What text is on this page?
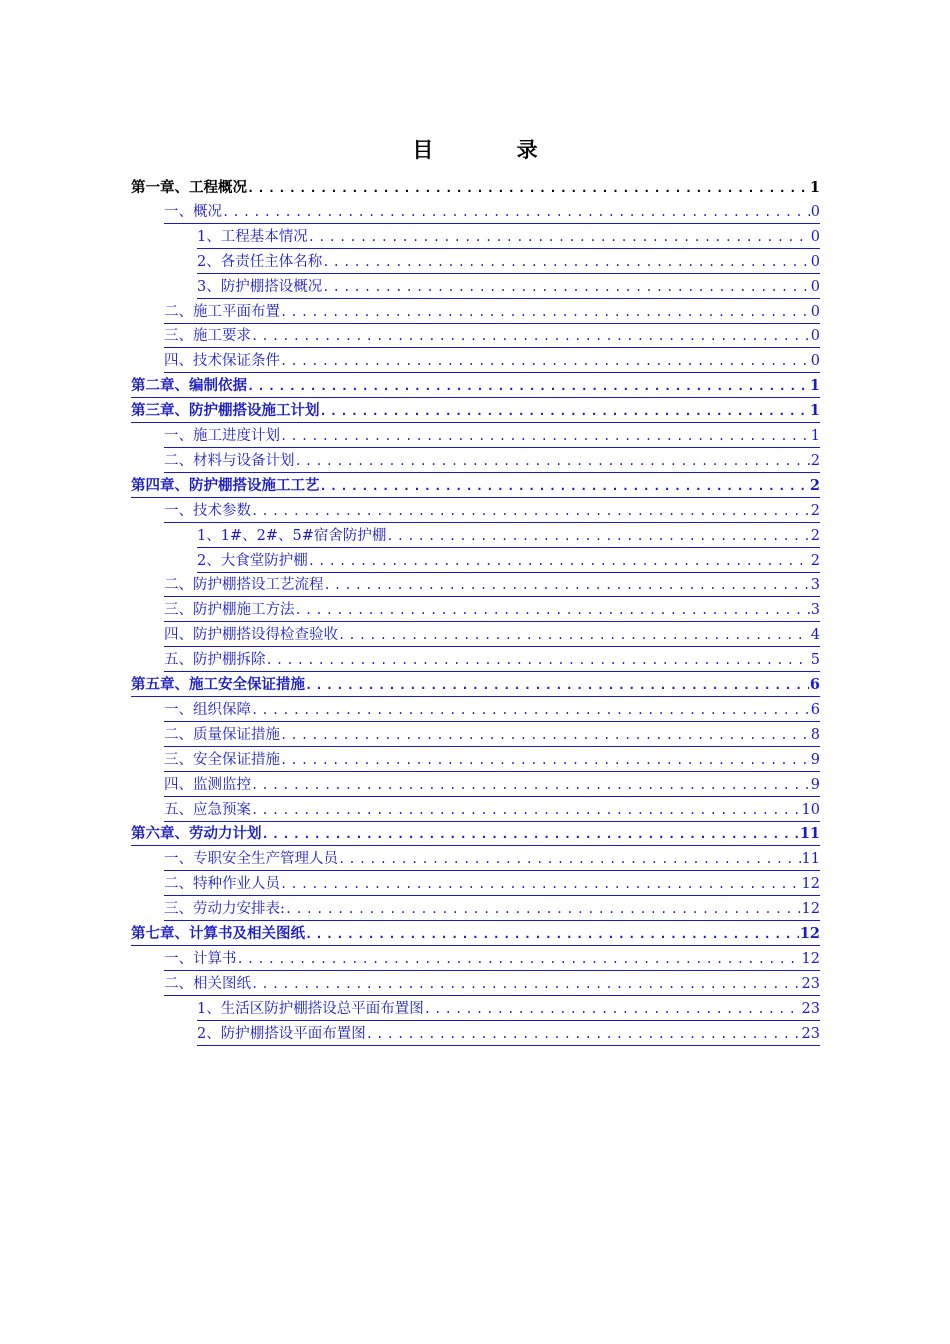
目 录
第一章、工程概况 .....	1
一、概况 .....	0
1、工程基本情况 .....	0
2、各责任主体名称 .....	0
3、防护棚搭设概况 .....	0
二、施工平面布置 .....	0
三、施工要求 .....	0
四、技术保证条件 .....	0
第二章、编制依据 .....	1
第三章、防护棚搭设施工计划 .....	1
一、施工进度计划 .....	1
二、材料与设备计划 .....	2
第四章、防护棚搭设施工工艺 .....	2
一、技术参数 .....	2
1、1#、2#、5#宿舍防护棚 .....	2
2、大食堂防护棚 .....	2
二、防护棚搭设工艺流程 .....	3
三、防护棚施工方法 .....	3
四、防护棚搭设得检查验收 .....	4
五、防护棚拆除 .....	5
第五章、施工安全保证措施 .....	6
一、组织保障 .....	6
二、质量保证措施 .....	8
三、安全保证措施 .....	9
四、监测监控 .....	9
五、应急预案 .....	10
第六章、劳动力计划 .....	11
一、专职安全生产管理人员 .....	11
二、特种作业人员 .....	12
三、劳动力安排表: .....	12
第七章、计算书及相关图纸 .....	12
一、计算书 .....	12
二、相关图纸 .....	23
1、生活区防护棚搭设总平面布置图 .....	23
2、防护棚搭设平面布置图 .....	23
